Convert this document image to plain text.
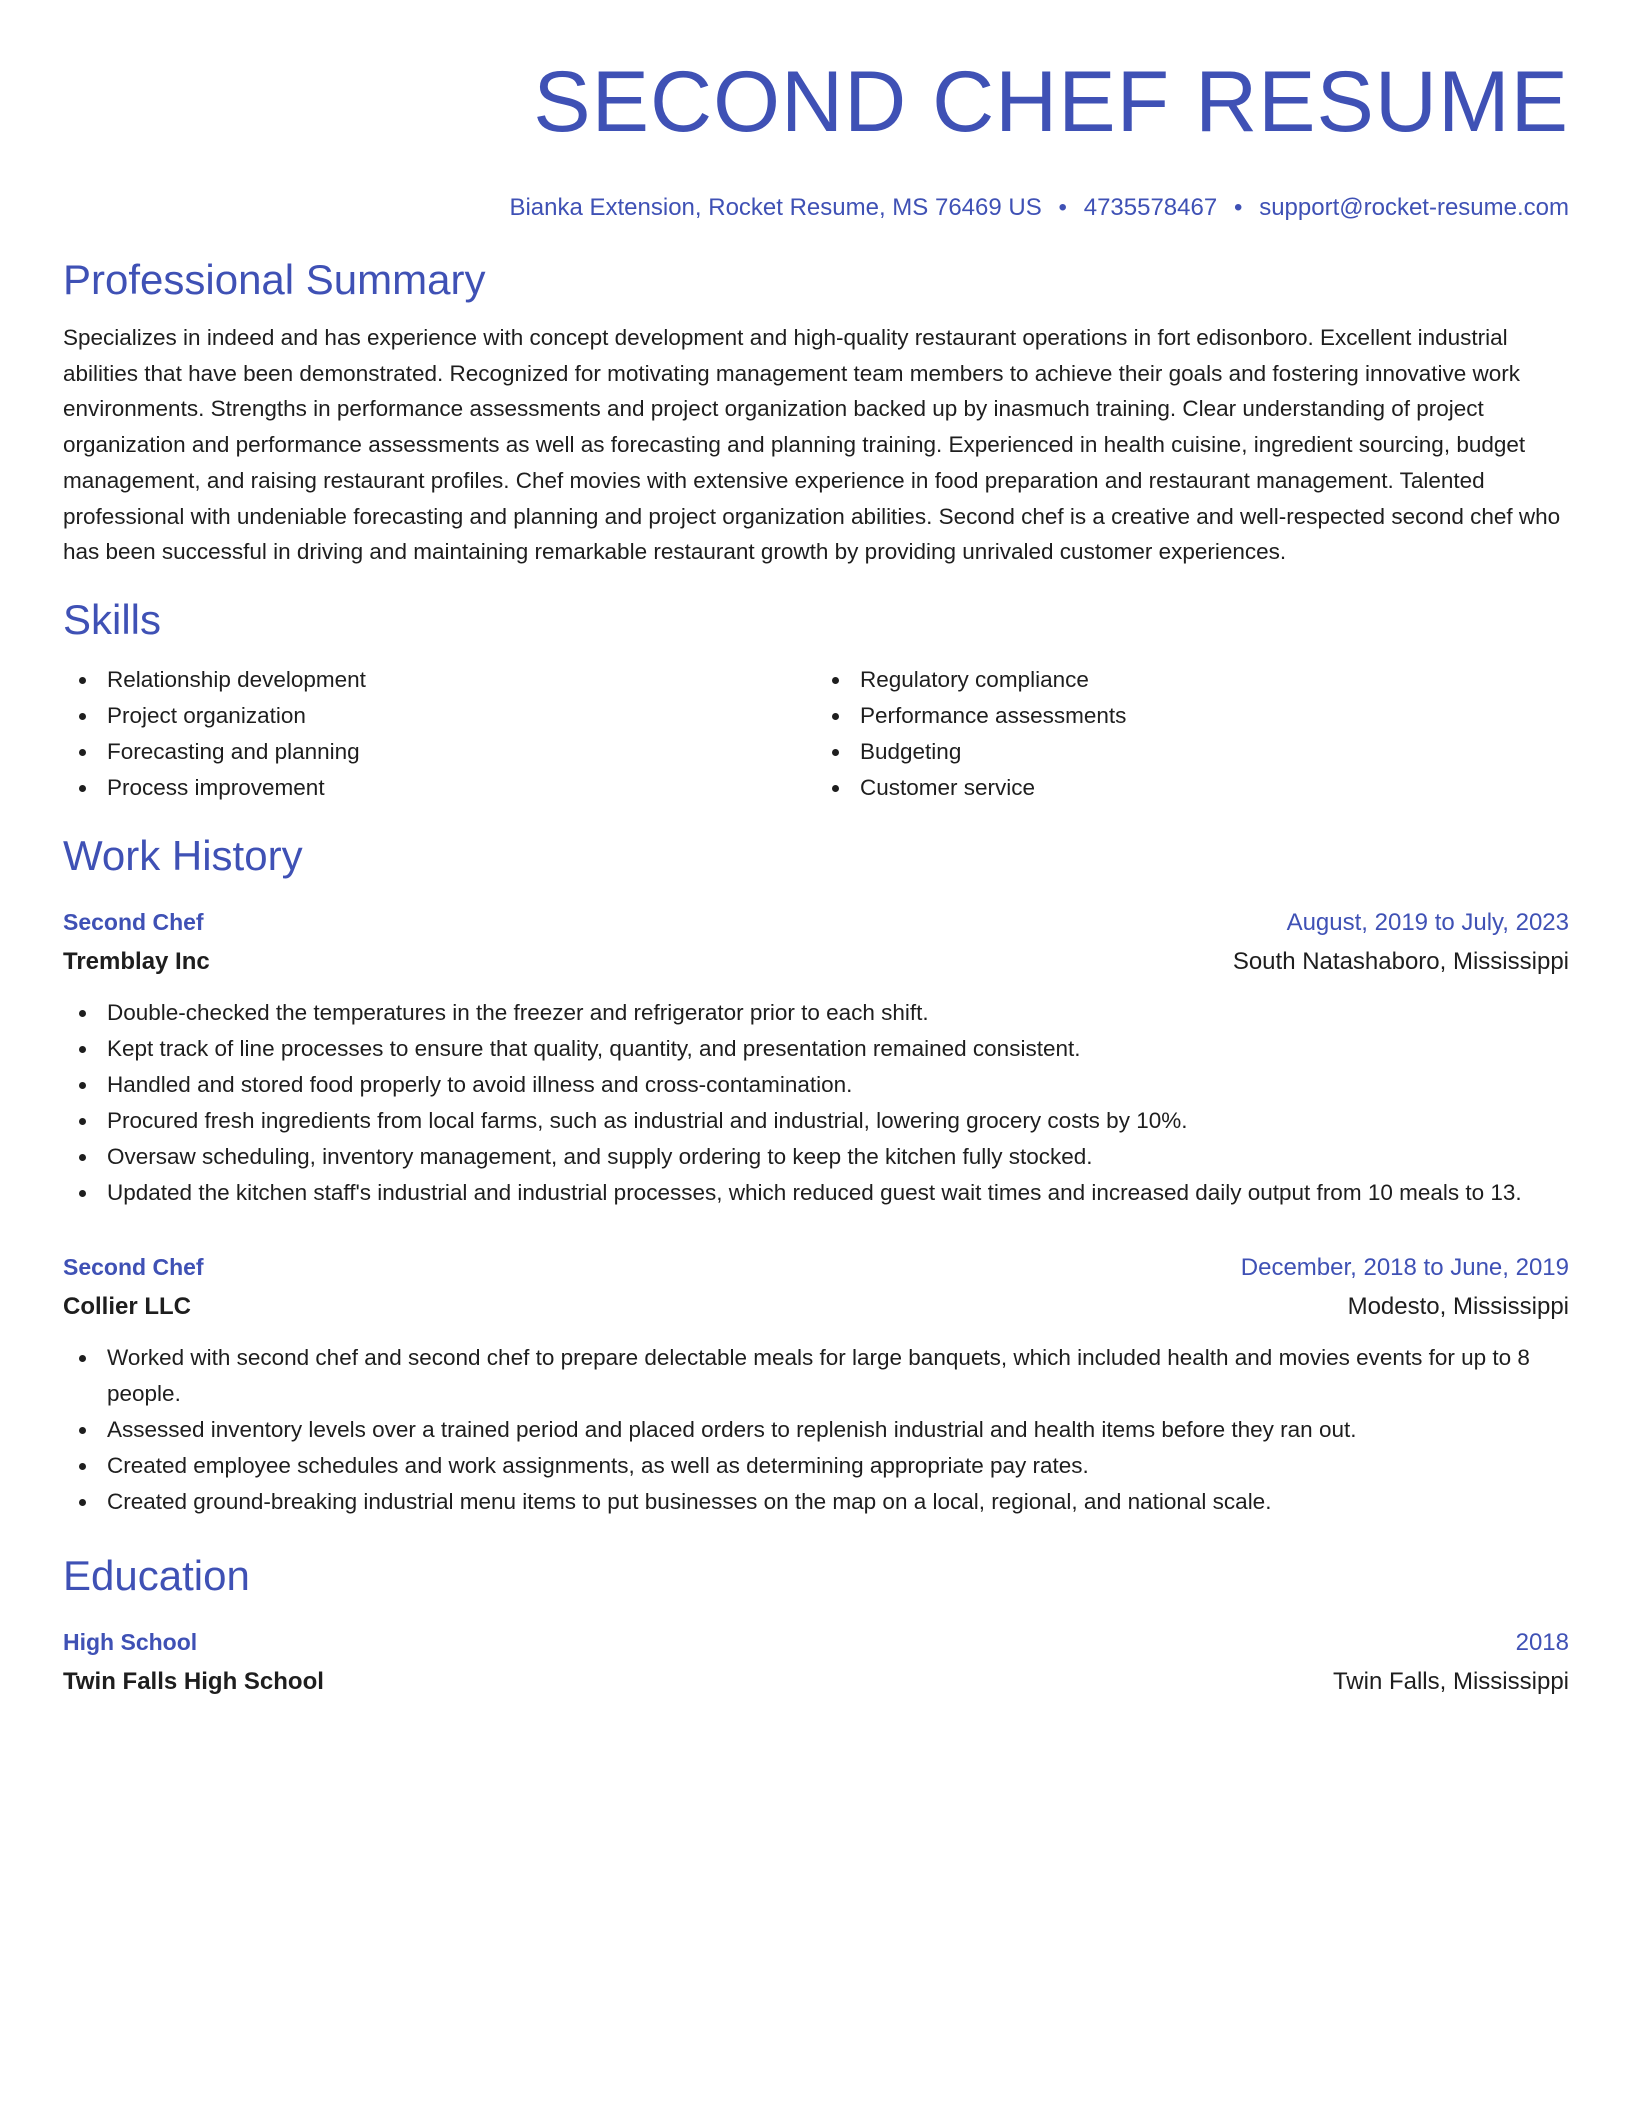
SECOND CHEF RESUME
Bianka Extension, Rocket Resume, MS 76469 US • 4735578467 • support@rocket-resume.com
Professional Summary

Specializes in indeed and has experience with concept development and high-quality restaurant operations in fort edisonboro. Excellent industrial abilities that have been demonstrated. Recognized for motivating management team members to achieve their goals and fostering innovative work environments. Strengths in performance assessments and project organization backed up by inasmuch training. Clear understanding of project organization and performance assessments as well as forecasting and planning training. Experienced in health cuisine, ingredient sourcing, budget management, and raising restaurant profiles. Chef movies with extensive experience in food preparation and restaurant management. Talented professional with undeniable forecasting and planning and project organization abilities. Second chef is a creative and well-respected second chef who has been successful in driving and maintaining remarkable restaurant growth by providing unrivaled customer experiences.

Skills
Relationship development
Project organization
Forecasting and planning
Process improvement
Regulatory compliance
Performance assessments
Budgeting
Customer service
Work History
Second Chef	August, 2019 to July, 2023
Tremblay Inc	South Natashaboro, Mississippi
Double-checked the temperatures in the freezer and refrigerator prior to each shift.
Kept track of line processes to ensure that quality, quantity, and presentation remained consistent.
Handled and stored food properly to avoid illness and cross-contamination.
Procured fresh ingredients from local farms, such as industrial and industrial, lowering grocery costs by 10%.
Oversaw scheduling, inventory management, and supply ordering to keep the kitchen fully stocked.
Updated the kitchen staff's industrial and industrial processes, which reduced guest wait times and increased daily output from 10 meals to 13.
Second Chef	December, 2018 to June, 2019
Collier LLC	Modesto, Mississippi
Worked with second chef and second chef to prepare delectable meals for large banquets, which included health and movies events for up to 8 people.
Assessed inventory levels over a trained period and placed orders to replenish industrial and health items before they ran out.
Created employee schedules and work assignments, as well as determining appropriate pay rates.
Created ground-breaking industrial menu items to put businesses on the map on a local, regional, and national scale.
Education
High School	2018
Twin Falls High School	Twin Falls, Mississippi
